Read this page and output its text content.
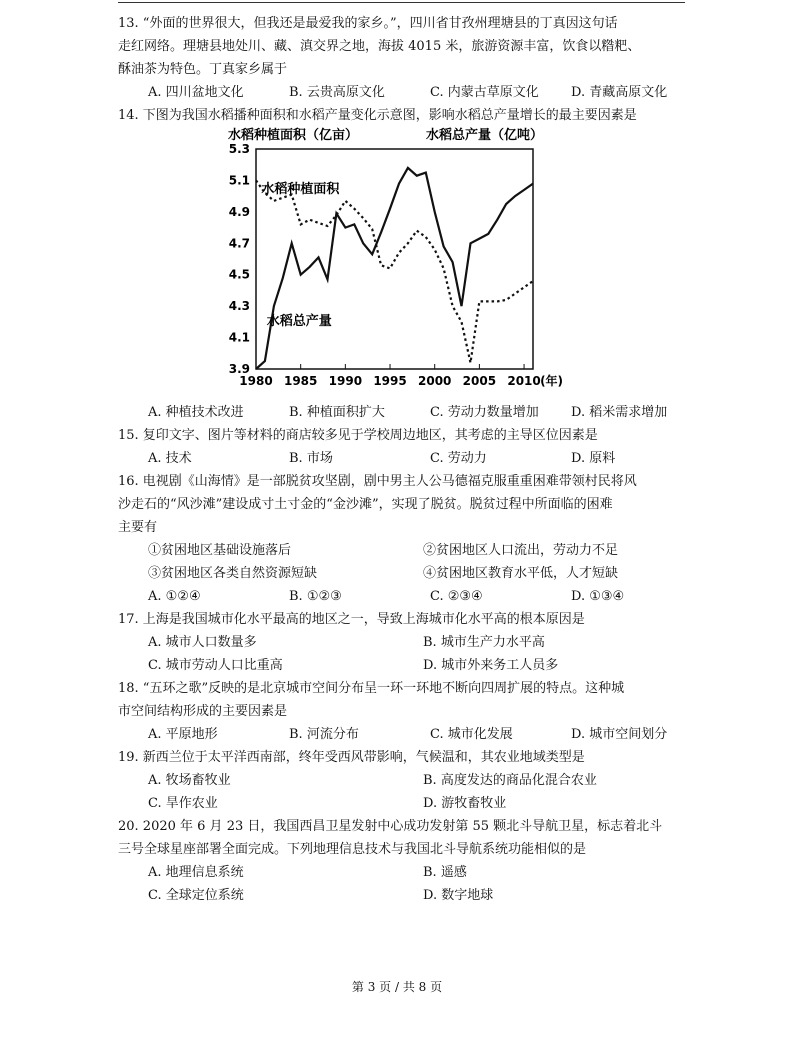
13. “外面的世界很大，但我还是最爱我的家乡。”，四川省甘孜州理塘县的丁真因这句话

走红网络。理塘县地处川、藏、滇交界之地，海拔 4015 米，旅游资源丰富，饮食以糌粑、

酥油茶为特色。丁真家乡属于

A. 四川盆地文化	B. 云贵高原文化	C. 内蒙古草原文化	D. 青藏高原文化

14. 下图为我国水稻播种面积和水稻产量变化示意图，影响水稻总产量增长的最主要因素是

水稻种植面积（亿亩）	水稻总产量（亿吨）
5.3
5.1
4.9
4.7
4.5
4.3
4.1
3.9
1980 1985 1990 1995 2000 2005 2010
水稻种植面积
水稻总产量
(年)
A. 种植技术改进	B. 种植面积扩大	C. 劳动力数量增加	D. 稻米需求增加

15. 复印文字、图片等材料的商店较多见于学校周边地区，其考虑的主导区位因素是

A. 技术	B. 市场	C. 劳动力	D. 原料

16. 电视剧《山海情》是一部脱贫攻坚剧，剧中男主人公马德福克服重重困难带领村民将风

沙走石的“风沙滩”建设成寸土寸金的“金沙滩”，实现了脱贫。脱贫过程中所面临的困难

主要有

①贫困地区基础设施落后	②贫困地区人口流出，劳动力不足
③贫困地区各类自然资源短缺	④贫困地区教育水平低，人才短缺
A. ①②④	B. ①②③	C. ②③④	D. ①③④

17. 上海是我国城市化水平最高的地区之一，导致上海城市化水平高的根本原因是

A. 城市人口数量多	B. 城市生产力水平高
C. 城市劳动人口比重高	D. 城市外来务工人员多

18. “五环之歌”反映的是北京城市空间分布呈一环一环地不断向四周扩展的特点。这种城

市空间结构形成的主要因素是

A. 平原地形	B. 河流分布	C. 城市化发展	D. 城市空间划分

19. 新西兰位于太平洋西南部，终年受西风带影响，气候温和，其农业地域类型是

A. 牧场畜牧业	B. 高度发达的商品化混合农业
C. 旱作农业	D. 游牧畜牧业

20. 2020 年 6 月 23 日，我国西昌卫星发射中心成功发射第 55 颗北斗导航卫星，标志着北斗

三号全球星座部署全面完成。下列地理信息技术与我国北斗导航系统功能相似的是

A. 地理信息系统	B. 遥感
C. 全球定位系统	D. 数字地球
第 3 页 / 共 8 页
